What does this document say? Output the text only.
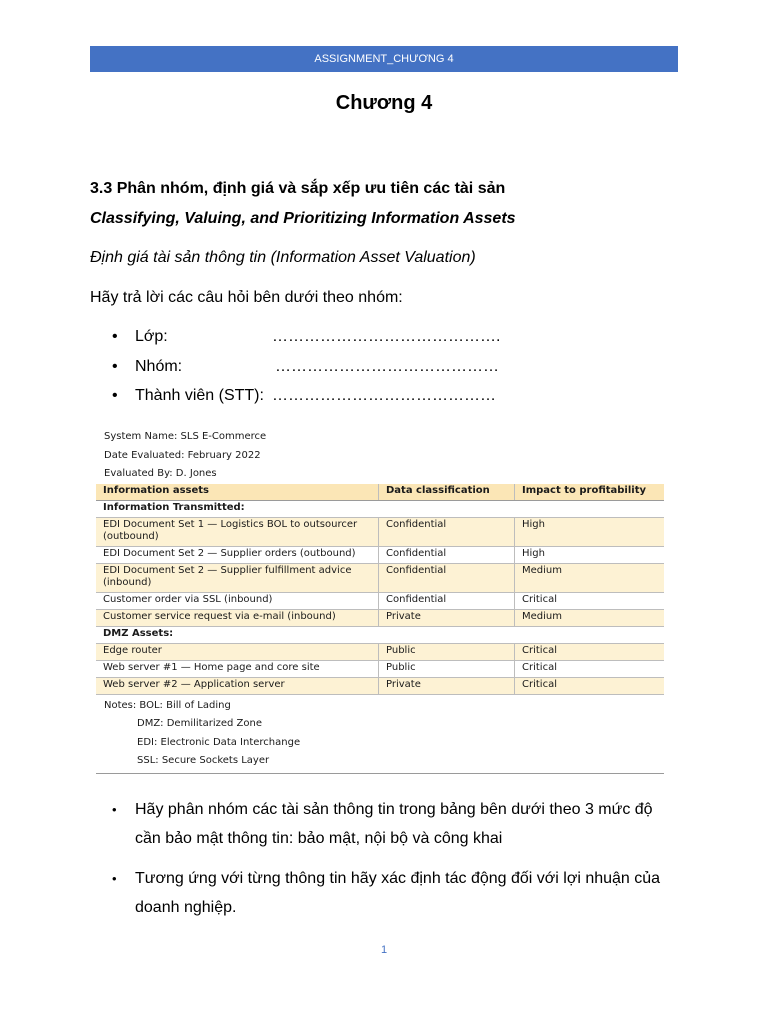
ASSIGNMENT_CHƯƠNG 4
Chương 4
3.3 Phân nhóm, định giá và sắp xếp ưu tiên các tài sản
Classifying, Valuing, and Prioritizing Information Assets
Định giá tài sản thông tin (Information Asset Valuation)
Hãy trả lời các câu hỏi bên dưới theo nhóm:
• Lớp:	…………………………………….
• Nhóm:	……………………………………
• Thành viên (STT): ……………………………………
System Name: SLS E-Commerce
Date Evaluated: February 2022
Evaluated By: D. Jones
Information assets	Data classification	Impact to profitability
Information Transmitted:		
EDI Document Set 1 — Logistics BOL to outsourcer (outbound)	Confidential	High
EDI Document Set 2 — Supplier orders (outbound)	Confidential	High
EDI Document Set 2 — Supplier fulfillment advice (inbound)	Confidential	Medium
Customer order via SSL (inbound)	Confidential	Critical
Customer service request via e-mail (inbound)	Private	Medium
DMZ Assets:		
Edge router	Public	Critical
Web server #1 — Home page and core site	Public	Critical
Web server #2 — Application server	Private	Critical
Notes: BOL: Bill of Lading
DMZ: Demilitarized Zone
EDI: Electronic Data Interchange
SSL: Secure Sockets Layer
• Hãy phân nhóm các tài sản thông tin trong bảng bên dưới theo 3 mức độ cần bảo mật thông tin: bảo mật, nội bộ và công khai
• Tương ứng với từng thông tin hãy xác định tác động đối với lợi nhuận của doanh nghiệp.
1
